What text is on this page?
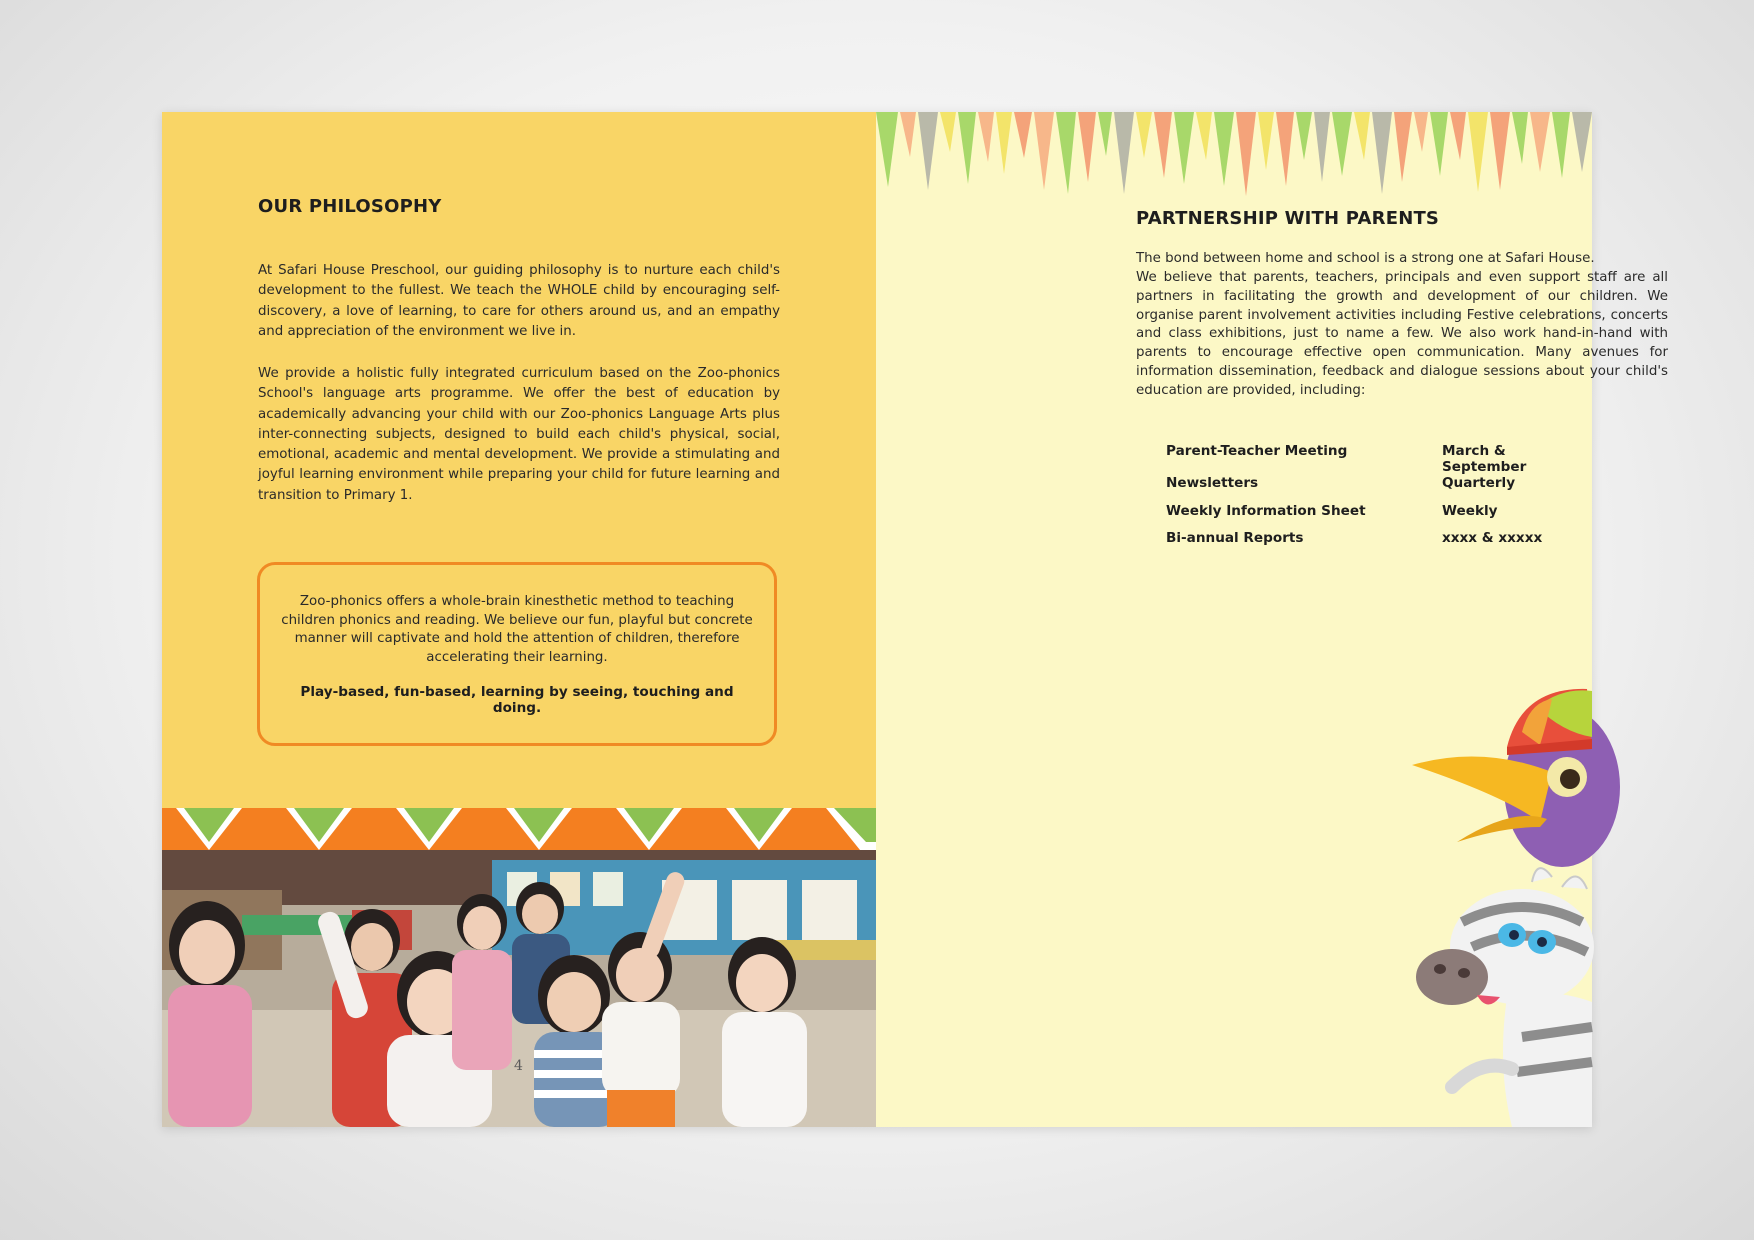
OUR PHILOSOPHY

At Safari House Preschool, our guiding philosophy is to nurture each child's development to the fullest. We teach the WHOLE child by encouraging self-discovery, a love of learning, to care for others around us, and an empathy and appreciation of the environment we live in.

We provide a holistic fully integrated curriculum based on the Zoo-phonics School's language arts programme. We offer the best of education by academically advancing your child with our Zoo-phonics Language Arts plus inter-connecting subjects, designed to build each child's physical, social, emotional, academic and mental development. We provide a stimulating and joyful learning environment while preparing your child for future learning and transition to Primary 1.

Zoo-phonics offers a whole-brain kinesthetic method to teaching children phonics and reading. We believe our fun, playful but concrete manner will captivate and hold the attention of children, therefore accelerating their learning.

Play-based, fun-based, learning by seeing, touching and doing.

4
PARTNERSHIP WITH PARENTS

The bond between home and school is a strong one at Safari House.

We believe that parents, teachers, principals and even support staff are all partners in facilitating the growth and development of our children. We organise parent involvement activities including Festive celebrations, concerts and class exhibitions, just to name a few. We also work hand-in-hand with parents to encourage effective open communication. Many avenues for information dissemination, feedback and dialogue sessions about your child's education are provided, including:

Parent-Teacher Meeting	March & September
Newsletters	Quarterly
Weekly Information Sheet	Weekly
Bi-annual Reports	xxxx & xxxxx
